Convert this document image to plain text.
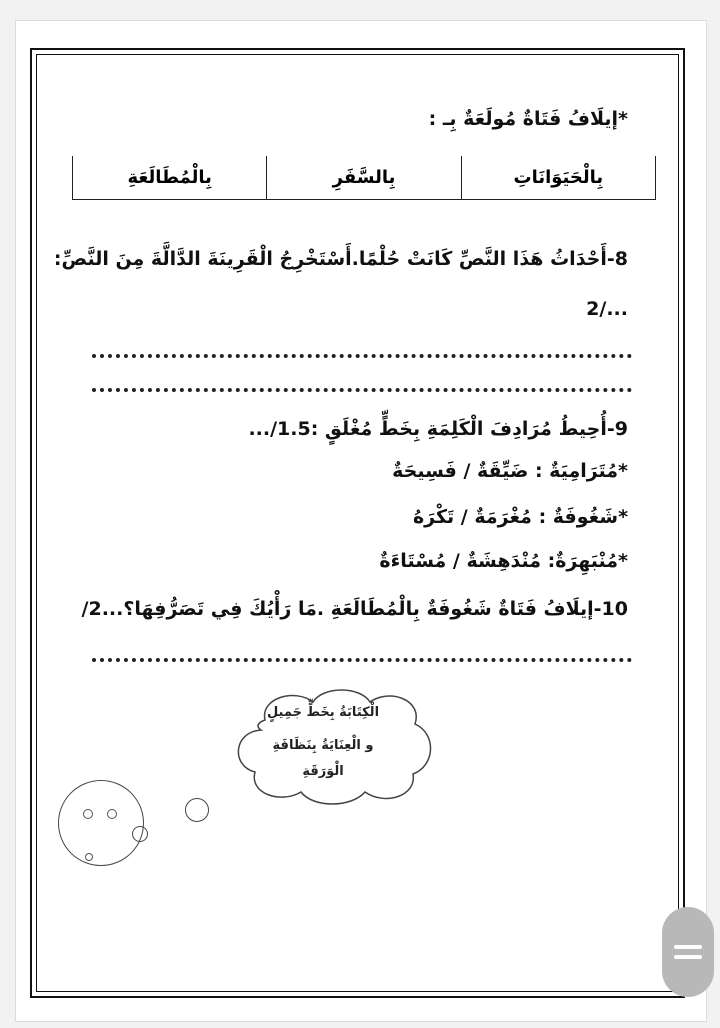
*إيلَافُ فَتَاةٌ مُولَعَةٌ بِـ :
بِالْحَيَوَانَاتِ
بِالسَّفَرِ
بِالْمُطَالَعَةِ
8-أَحْدَاثُ هَذَا النَّصِّ كَانَتْ حُلْمًا.أَسْتَخْرِجُ الْقَرِينَةَ الدَّالَّةَ مِنَ النَّصِّ:
2/...
9-أُحِيطُ مُرَادِفَ الْكَلِمَةِ بِخَطٍّ مُغْلَقٍ :1.5/...
*مُتَرَامِيَةٌ : ضَيِّقَةٌ / فَسِيحَةٌ
*شَغُوفَةٌ : مُغْرَمَةٌ / تَكْرَهُ
*مُنْبَهِرَةٌ: مُنْدَهِشَةٌ / مُسْتَاءَةٌ
10-إيلَافُ فَتَاةٌ شَغُوفَةٌ بِالْمُطَالَعَةِ .مَا رَأْيُكَ فِي تَصَرُّفِهَا؟...2/
الْكِتَابَةُ بِخَطٍّ جَمِيلٍ
و الْعِنَايَةُ بِنَظَافَةِ
الْوَرَقَةِ
